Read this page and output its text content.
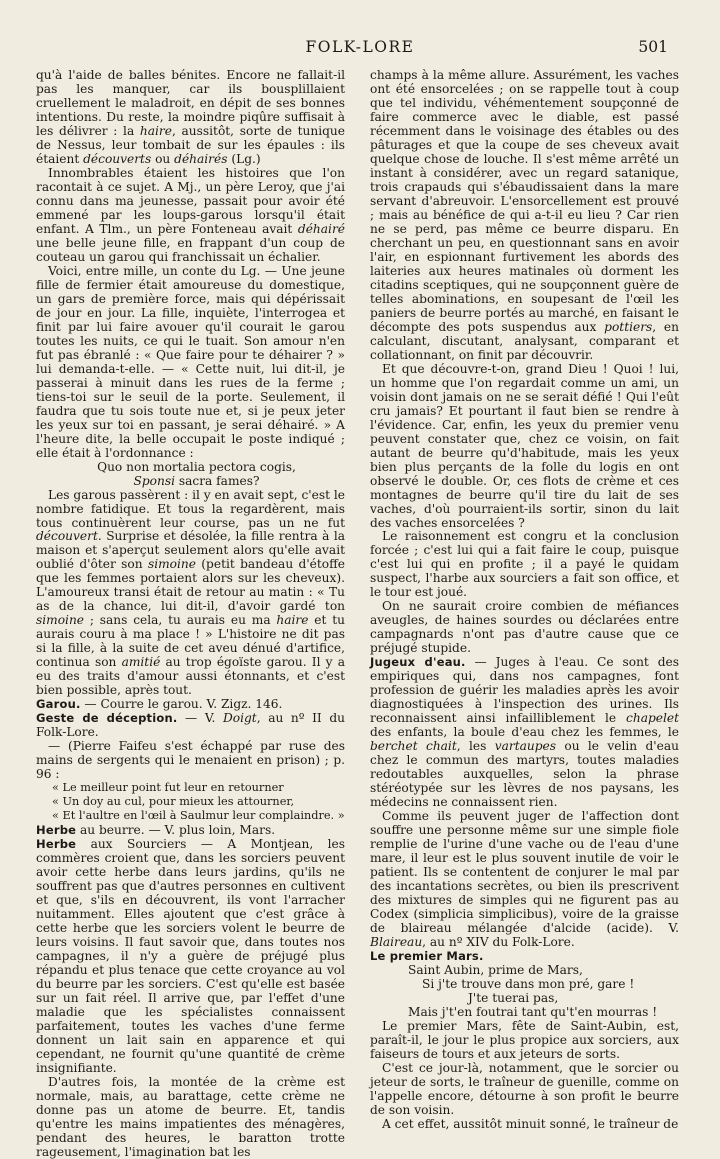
FOLK-LORE	501

qu'à l'aide de balles bénites. Encore ne fallait-il pas les manquer, car ils bousplillaient cruellement le maladroit, en dépit de ses bonnes intentions. Du reste, la moindre piqûre suffisait à les délivrer : la haire, aussitôt, sorte de tunique de Nessus, leur tombait de sur les épaules : ils étaient découverts ou déhairés (Lg.)

Innombrables étaient les histoires que l'on racontait à ce sujet. A Mj., un père Leroy, que j'ai connu dans ma jeunesse, passait pour avoir été emmené par les loups-garous lorsqu'il était enfant. A Tlm., un père Fonteneau avait déhairé une belle jeune fille, en frappant d'un coup de couteau un garou qui franchissait un échalier.

Voici, entre mille, un conte du Lg. — Une jeune fille de fermier était amoureuse du domestique, un gars de première force, mais qui dépérissait de jour en jour. La fille, inquiète, l'interrogea et finit par lui faire avouer qu'il courait le garou toutes les nuits, ce qui le tuait. Son amour n'en fut pas ébranlé : « Que faire pour te déhairer ? » lui demanda-t-elle. — « Cette nuit, lui dit-il, je passerai à minuit dans les rues de la ferme ; tiens-toi sur le seuil de la porte. Seulement, il faudra que tu sois toute nue et, si je peux jeter les yeux sur toi en passant, je serai déhairé. » A l'heure dite, la belle occupait le poste indiqué ; elle était à l'ordonnance :

Quo non mortalia pectora cogis,

Sponsi sacra fames?

Les garous passèrent : il y en avait sept, c'est le nombre fatidique. Et tous la regardèrent, mais tous continuèrent leur course, pas un ne fut découvert. Surprise et désolée, la fille rentra à la maison et s'aperçut seulement alors qu'elle avait oublié d'ôter son simoine (petit bandeau d'étoffe que les femmes portaient alors sur les cheveux). L'amoureux transi était de retour au matin : « Tu as de la chance, lui dit-il, d'avoir gardé ton simoine ; sans cela, tu aurais eu ma haire et tu aurais couru à ma place ! » L'histoire ne dit pas si la fille, à la suite de cet aveu dénué d'artifice, continua son amitié au trop égoïste garou. Il y a eu des traits d'amour aussi étonnants, et c'est bien possible, après tout.

Garou. — Courre le garou. V. Zigz. 146.

Geste de déception. — V. Doigt, au nº II du Folk-Lore.

— (Pierre Faifeu s'est échappé par ruse des mains de sergents qui le menaient en prison) ; p. 96 :

« Le meilleur point fut leur en retourner

« Un doy au cul, pour mieux les attourner,

« Et l'aultre en l'œil à Saulmur leur complaindre. »

Herbe au beurre. — V. plus loin, Mars.

Herbe aux Sourciers — A Montjean, les commères croient que, dans les sorciers peuvent avoir cette herbe dans leurs jardins, qu'ils ne souffrent pas que d'autres personnes en cultivent et que, s'ils en découvrent, ils vont l'arracher nuitamment. Elles ajoutent que c'est grâce à cette herbe que les sorciers volent le beurre de leurs voisins. Il faut savoir que, dans toutes nos campagnes, il n'y a guère de préjugé plus répandu et plus tenace que cette croyance au vol du beurre par les sorciers. C'est qu'elle est basée sur un fait réel. Il arrive que, par l'effet d'une maladie que les spécialistes connaissent parfaitement, toutes les vaches d'une ferme donnent un lait sain en apparence et qui cependant, ne fournit qu'une quantité de crème insignifiante.

D'autres fois, la montée de la crème est normale, mais, au barattage, cette crème ne donne pas un atome de beurre. Et, tandis qu'entre les mains impatientes des ménagères, pendant des heures, le baratton trotte rageusement, l'imagination bat les

champs à la même allure. Assurément, les vaches ont été ensorcelées ; on se rappelle tout à coup que tel individu, véhémentement soupçonné de faire commerce avec le diable, est passé récemment dans le voisinage des étables ou des pâturages et que la coupe de ses cheveux avait quelque chose de louche. Il s'est même arrêté un instant à considérer, avec un regard satanique, trois crapauds qui s'ébaudissaient dans la mare servant d'abreuvoir. L'ensorcellement est prouvé ; mais au bénéfice de qui a-t-il eu lieu ? Car rien ne se perd, pas même ce beurre disparu. En cherchant un peu, en questionnant sans en avoir l'air, en espionnant furtivement les abords des laiteries aux heures matinales où dorment les citadins sceptiques, qui ne soupçonnent guère de telles abominations, en soupesant de l'œil les paniers de beurre portés au marché, en faisant le décompte des pots suspendus aux pottiers, en calculant, discutant, analysant, comparant et collationnant, on finit par découvrir.

Et que découvre-t-on, grand Dieu ! Quoi ! lui, un homme que l'on regardait comme un ami, un voisin dont jamais on ne se serait défié ! Qui l'eût cru jamais? Et pourtant il faut bien se rendre à l'évidence. Car, enfin, les yeux du premier venu peuvent constater que, chez ce voisin, on fait autant de beurre qu'd'habitude, mais les yeux bien plus perçants de la folle du logis en ont observé le double. Or, ces flots de crème et ces montagnes de beurre qu'il tire du lait de ses vaches, d'où pourraient-ils sortir, sinon du lait des vaches ensorcelées ?

Le raisonnement est congru et la conclusion forcée ; c'est lui qui a fait faire le coup, puisque c'est lui qui en profite ; il a payé le quidam suspect, l'harbe aux sourciers a fait son office, et le tour est joué.

On ne saurait croire combien de méfiances aveugles, de haines sourdes ou déclarées entre campagnards n'ont pas d'autre cause que ce préjugé stupide.

Jugeux d'eau. — Juges à l'eau. Ce sont des empiriques qui, dans nos campagnes, font profession de guérir les maladies après les avoir diagnostiquées à l'inspection des urines. Ils reconnaissent ainsi infailliblement le chapelet des enfants, la boule d'eau chez les femmes, le berchet chait, les vartaupes ou le velin d'eau chez le commun des martyrs, toutes maladies redoutables auxquelles, selon la phrase stéréotypée sur les lèvres de nos paysans, les médecins ne connaissent rien.

Comme ils peuvent juger de l'affection dont souffre une personne même sur une simple fiole remplie de l'urine d'une vache ou de l'eau d'une mare, il leur est le plus souvent inutile de voir le patient. Ils se contentent de conjurer le mal par des incantations secrètes, ou bien ils prescrivent des mixtures de simples qui ne figurent pas au Codex (simplicia simplicibus), voire de la graisse de blaireau mélangée d'alcide (acide). V. Blaireau, au nº XIV du Folk-Lore.

Le premier Mars.

Saint Aubin, prime de Mars,

Si j'te trouve dans mon pré, gare !

J'te tuerai pas,

Mais j't'en foutrai tant qu't'en mourras !

Le premier Mars, fête de Saint-Aubin, est, paraît-il, le jour le plus propice aux sorciers, aux faiseurs de tours et aux jeteurs de sorts.

C'est ce jour-là, notamment, que le sorcier ou jeteur de sorts, le traîneur de guenille, comme on l'appelle encore, détourne à son profit le beurre de son voisin.

A cet effet, aussitôt minuit sonné, le traîneur de
